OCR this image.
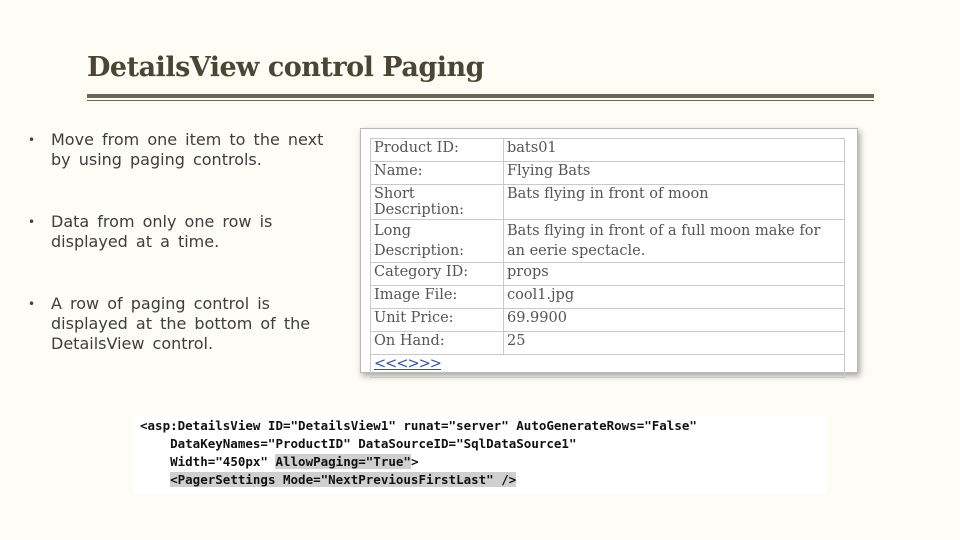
DetailsView control Paging
• Move from one item to the next by using paging controls.
• Data from only one row is displayed at a time.
• A row of paging control is displayed at the bottom of the DetailsView control.
Product ID:	bats01
Name:	Flying Bats
Short Description:	Bats flying in front of moon
Long Description:	Bats flying in front of a full moon make for an eerie spectacle.
Category ID:	props
Image File:	cool1.jpg
Unit Price:	69.9900
On Hand:	25
<<<>>>	
<asp:DetailsView ID="DetailsView1" runat="server" AutoGenerateRows="False"
DataKeyNames="ProductID" DataSourceID="SqlDataSource1"
Width="450px" AllowPaging="True">
<PagerSettings Mode="NextPreviousFirstLast" />
